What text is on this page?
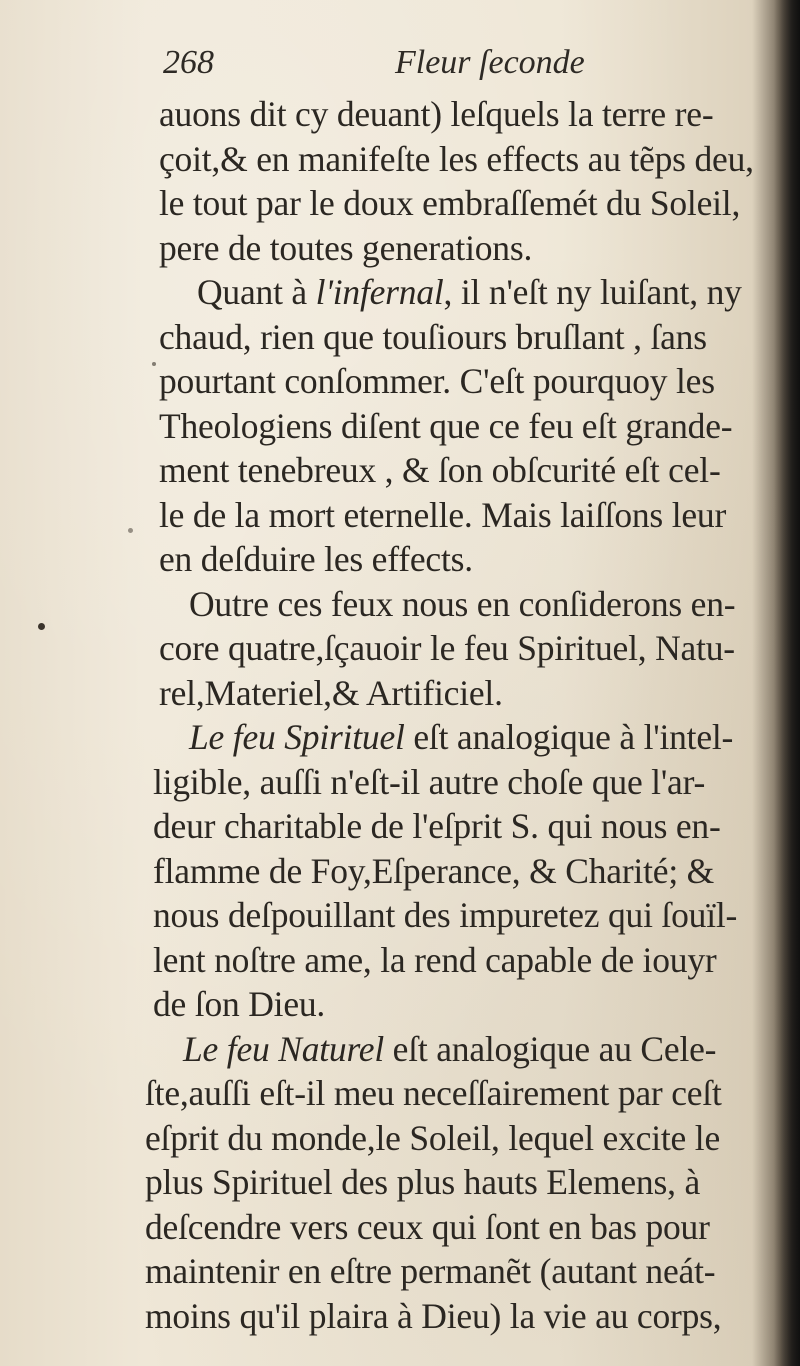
268	Fleur ſeconde
auons dit cy deuant) leſquels la terre re-
çoit,& en manifeſte les effects au tẽps deu,
le tout par le doux embraſſemét du Soleil,
pere de toutes generations.
Quant à l'infernal, il n'eſt ny luiſant, ny
chaud, rien que touſiours bruſlant , ſans
pourtant conſommer. C'eſt pourquoy les
Theologiens diſent que ce feu eſt grande-
ment tenebreux , & ſon obſcurité eſt cel-
le de la mort eternelle. Mais laiſſons leur
en deſduire les effects.
Outre ces feux nous en conſiderons en-
core quatre,ſçauoir le feu Spirituel, Natu-
rel,Materiel,& Artificiel.
Le feu Spirituel eſt analogique à l'intel-
ligible, auſſi n'eſt-il autre choſe que l'ar-
deur charitable de l'eſprit S. qui nous en-
flamme de Foy,Eſperance, & Charité; &
nous deſpouillant des impuretez qui ſouïl-
lent noſtre ame, la rend capable de iouyr
de ſon Dieu.
Le feu Naturel eſt analogique au Cele-
ſte,auſſi eſt-il meu neceſſairement par ceſt
eſprit du monde,le Soleil, lequel excite le
plus Spirituel des plus hauts Elemens, à
deſcendre vers ceux qui ſont en bas pour
maintenir en eſtre permanẽt (autant neát-
moins qu'il plaira à Dieu) la vie au corps,
